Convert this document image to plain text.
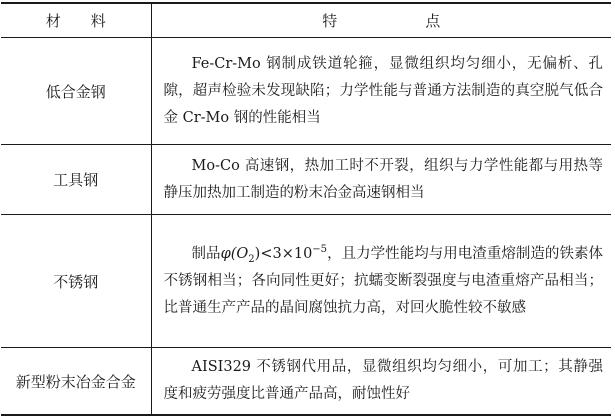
材料	特点
低合金钢	Fe-Cr-Mo 钢制成铁道轮箍，显微组织均匀细小，无偏析、孔隙，超声检验未发现缺陷；力学性能与普通方法制造的真空脱气低合金 Cr-Mo 钢的性能相当
工具钢	Mo-Co 高速钢，热加工时不开裂，组织与力学性能都与用热等静压加热加工制造的粉末冶金高速钢相当
不锈钢	制品$\varphi(O_2)<3\times 10^{-5}$，且力学性能均与用电渣重熔制造的铁素体不锈钢相当；各向同性更好；抗蠕变断裂强度与电渣重熔产品相当；比普通生产产品的晶间腐蚀抗力高，对回火脆性较不敏感
新型粉末冶金合金	AISI329 不锈钢代用品，显微组织均匀细小，可加工；其静强度和疲劳强度比普通产品高，耐蚀性好
